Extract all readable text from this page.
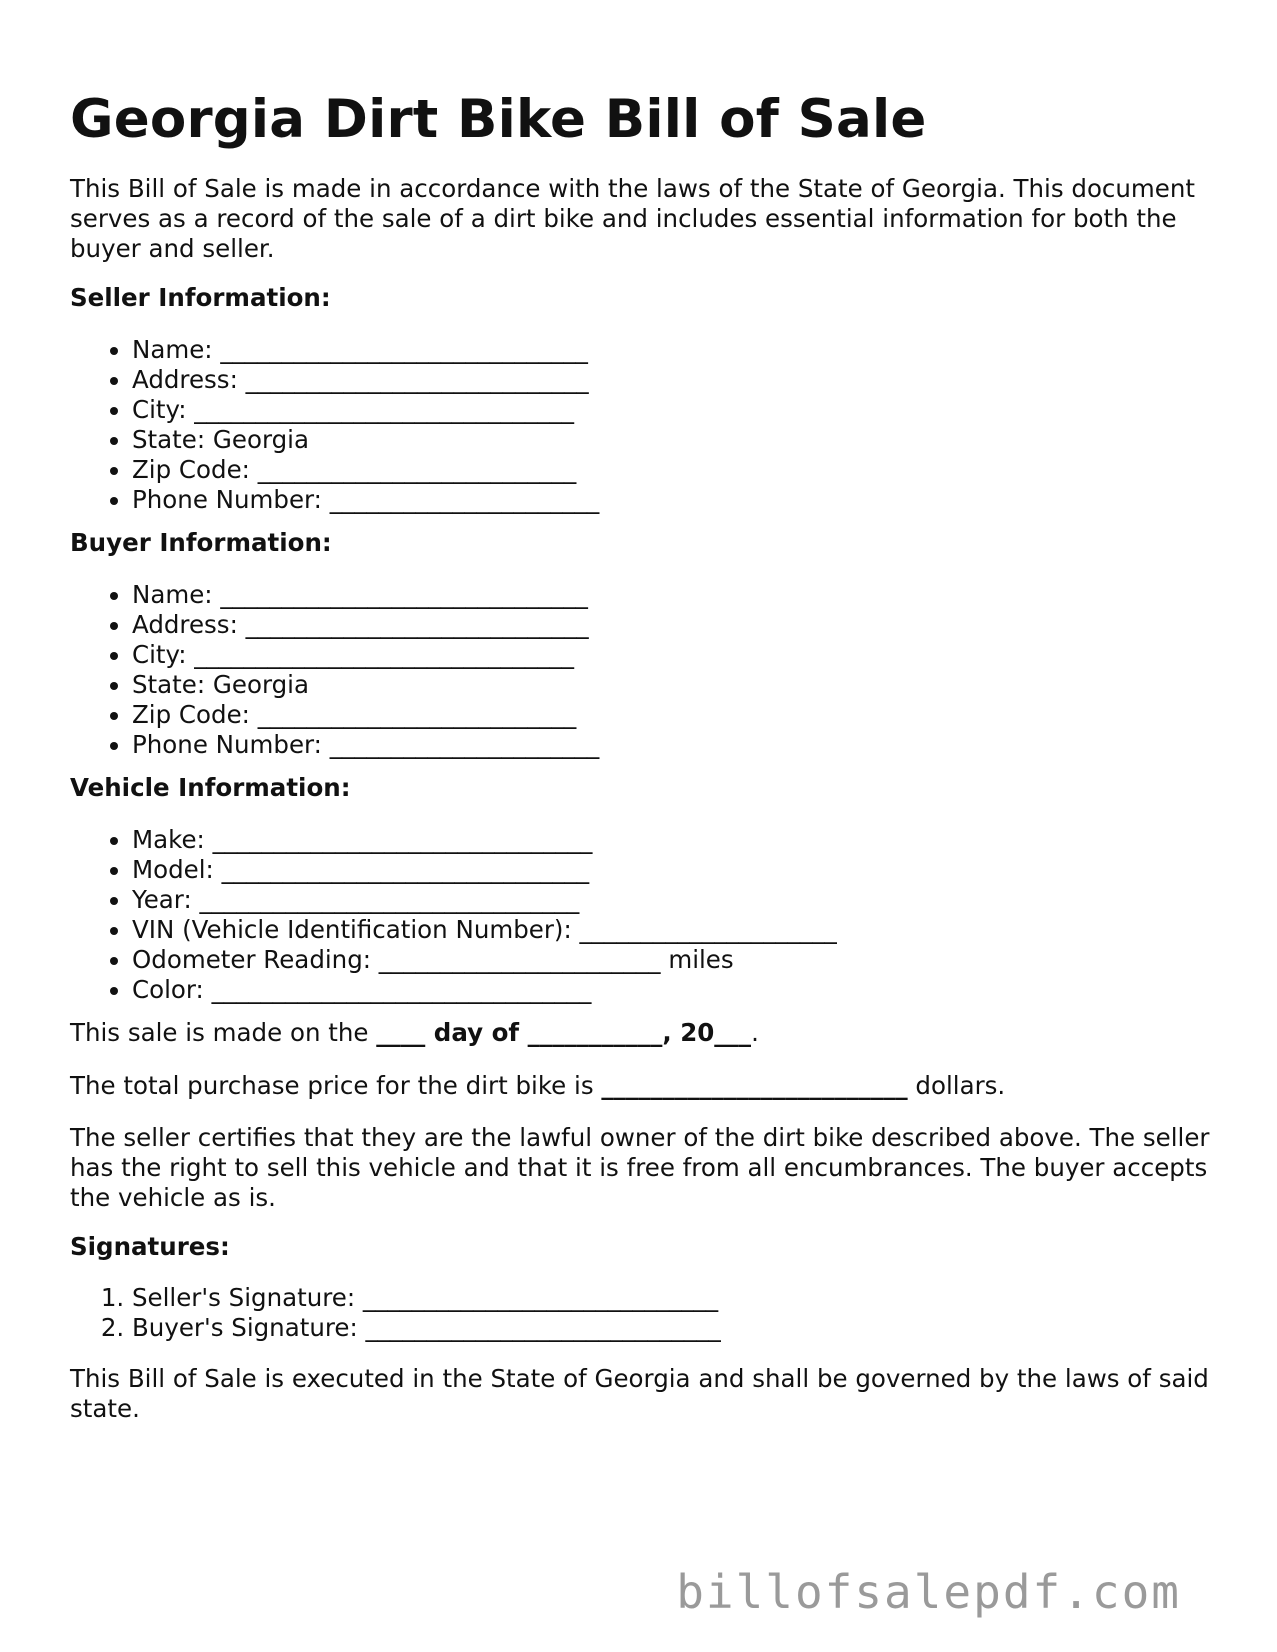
Georgia Dirt Bike Bill of Sale

This Bill of Sale is made in accordance with the laws of the State of Georgia. This document serves as a record of the sale of a dirt bike and includes essential information for both the buyer and seller.

Seller Information:

• Name: ______________________________
• Address: ____________________________
• City: _______________________________
• State: Georgia
• Zip Code: __________________________
• Phone Number: ______________________

Buyer Information:

• Name: ______________________________
• Address: ____________________________
• City: _______________________________
• State: Georgia
• Zip Code: __________________________
• Phone Number: ______________________

Vehicle Information:

• Make: _______________________________
• Model: ______________________________
• Year: _______________________________
• VIN (Vehicle Identification Number): _____________________
• Odometer Reading: _______________________ miles
• Color: _______________________________

This sale is made on the ____ day of ___________, 20___.

The total purchase price for the dirt bike is _________________________ dollars.

The seller certifies that they are the lawful owner of the dirt bike described above. The seller has the right to sell this vehicle and that it is free from all encumbrances. The buyer accepts the vehicle as is.

Signatures:

1. Seller's Signature: _____________________________
2. Buyer's Signature: _____________________________

This Bill of Sale is executed in the State of Georgia and shall be governed by the laws of said state.

billofsalepdf.com
